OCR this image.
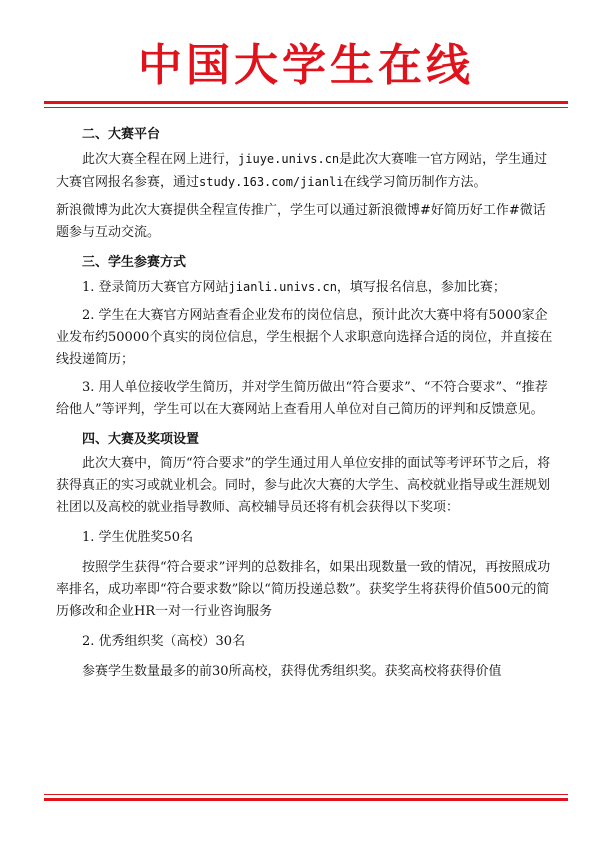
中国大学生在线

二、大赛平台

此次大赛全程在网上进行，jiuye.univs.cn是此次大赛唯一官方网站，学生通过大赛官网报名参赛，通过study.163.com/jianli在线学习简历制作方法。

新浪微博为此次大赛提供全程宣传推广，学生可以通过新浪微博#好简历好工作#微话题参与互动交流。

三、学生参赛方式

1. 登录简历大赛官方网站jianli.univs.cn，填写报名信息，参加比赛；

2. 学生在大赛官方网站查看企业发布的岗位信息，预计此次大赛中将有5000家企业发布约50000个真实的岗位信息，学生根据个人求职意向选择合适的岗位，并直接在线投递简历；

3. 用人单位接收学生简历，并对学生简历做出“符合要求”、“不符合要求”、“推荐给他人”等评判，学生可以在大赛网站上查看用人单位对自己简历的评判和反馈意见。

四、大赛及奖项设置

此次大赛中，简历“符合要求”的学生通过用人单位安排的面试等考评环节之后，将获得真正的实习或就业机会。同时，参与此次大赛的大学生、高校就业指导或生涯规划社团以及高校的就业指导教师、高校辅导员还将有机会获得以下奖项：

1. 学生优胜奖50名

按照学生获得“符合要求”评判的总数排名，如果出现数量一致的情况，再按照成功率排名，成功率即“符合要求数”除以“简历投递总数”。获奖学生将获得价值500元的简历修改和企业HR一对一行业咨询服务

2. 优秀组织奖（高校）30名

参赛学生数量最多的前30所高校，获得优秀组织奖。获奖高校将获得价值
